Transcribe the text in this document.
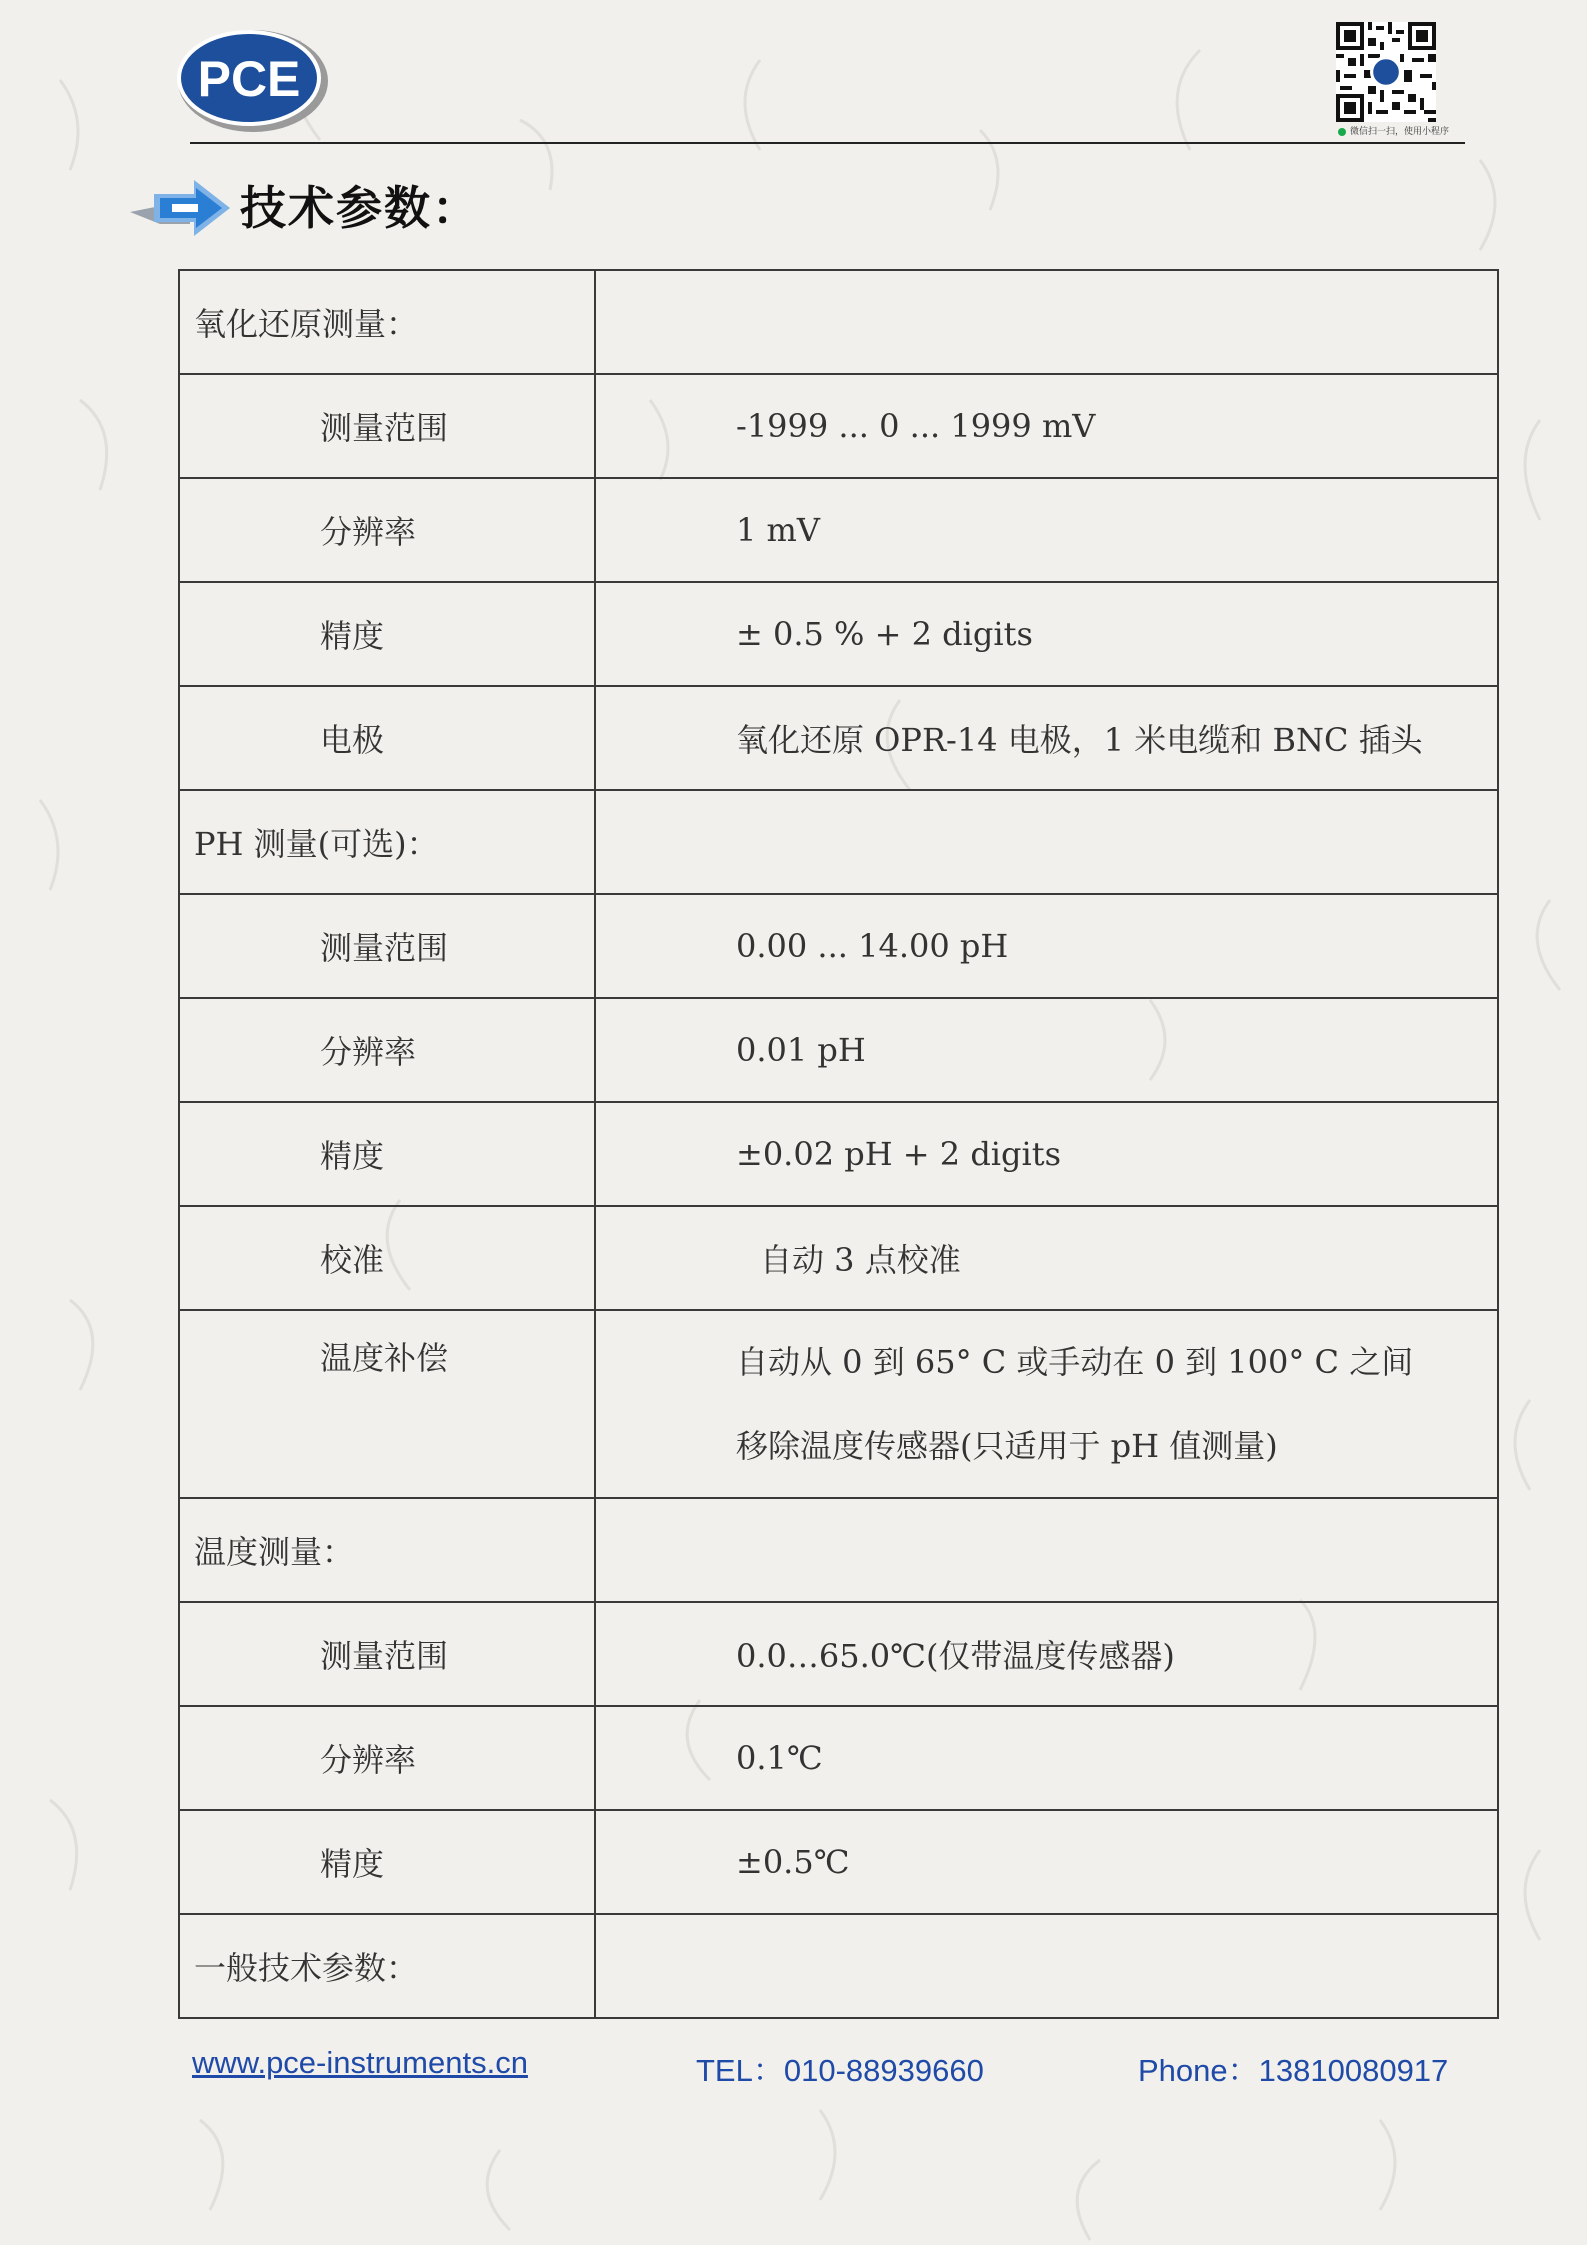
PCE
微信扫一扫，使用小程序
技术参数：
氧化还原测量：	
测量范围	-1999 ... 0 ... 1999 mV
分辨率	1 mV
精度	± 0.5 % + 2 digits
电极	氧化还原 OPR-14 电极，1 米电缆和 BNC 插头
PH 测量(可选)：	
测量范围	0.00 ... 14.00 pH
分辨率	0.01 pH
精度	±0.02 pH + 2 digits
校准	自动 3 点校准
温度补偿	自动从 0 到 65° C 或手动在 0 到 100° C 之间
移除温度传感器(只适用于 pH 值测量)

温度测量：	
测量范围	0.0…65.0℃(仅带温度传感器)
分辨率	0.1℃
精度	±0.5℃
一般技术参数：	
www.pce-instruments.cn	TEL：010-88939660	Phone：13810080917
